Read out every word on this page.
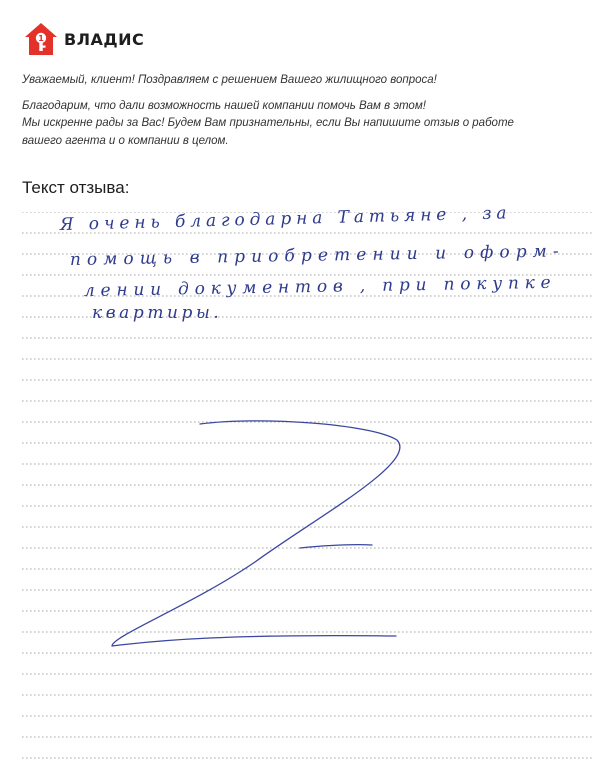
1 ВЛАДИС

Уважаемый, клиент! Поздравляем с решением Вашего жилищного вопроса!

Благодарим, что дали возможность нашей компании помочь Вам в этом!

Мы искренне рады за Вас! Будем Вам признательны, если Вы напишите отзыв о работе

вашего агента и о компании в целом.

Текст отзыва:
Я очень благодарна Татьяне , за
помощь в приобретении и оформ-
лении документов , при покупке
квартиры.
